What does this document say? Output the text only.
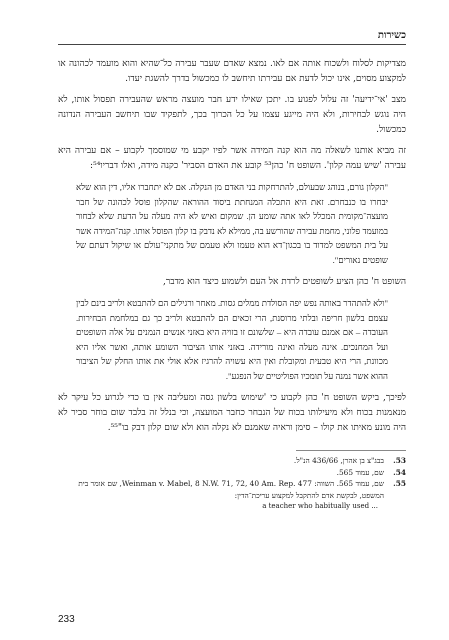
כשירות

מצדיקות לסלוח ולשכוח אותה אם לאו. נמצא שאדם שעבר עבירה כל־שהיא והוא מועמד לכהונה או למקצוע מסוים, אינו יכול לדעת אם עבירתו תיחשב לו כמכשול בדרך להשגת יעדו.

מצב 'אי־ידיעה' זה עלול לפגוע בו. יתכן שאילו ידע חבר מועצה מראש שהעבירה תפסול אותו, לא היה נוגש לבחירות, ולא היה מייגע עצמו על כל הכרוך בכך, לתפקיד שבו תיחשב העבירה הנדונה כמכשול.

זה מביא אותנו לשאלה מה הוא קנה המידה אשר לפיו יקבע מי שמוסמך לקבוע – אם עבירה היא עבירה 'שיש עמה קלון'. השופט ח' כהן⁵³ קובע את האדם הסביר' כקנה מידה, ואלו דבריו⁵⁴:

"הקלון גורם, בנוהג שבעולם, להתרחקות בני האדם מן הנקלה. אם לא יתחברו אליו, דין הוא שלא יבחרו בו כנבחרם. זאת היא התכלה המנחתת ביסוד ההוראה שהקלון פוסל לכהונה של חבר מועצה־מקומית המכלל לאו אתה שומע הן. שמקום ואיש לא היה מעלה על הדעת שלא לבחור במועמד פלוני, מחמת עבירה שהורשע בה, ממילא לא נדבק בו קלון הפוסל אותו. קנה־המידה אשר על בית המשפט למדוד בו בכגון־דא הוא טעמו ולא טעמם של מתקני־עולם או שיקול דעתם של שופטים נאורים".

השופט ח' כהן הציע לשופטים לרדת אל העם ולשמוע כיצד הוא מדבר,

"ולא להתהדר באותה נפש יפה הסולדת ממלים גסות. מאחר ורגילים הם להתבטא ולריב בינם לבין עצמם בלשון חריפה ובלתי מרוסנת, הרי זכאים הם להתבטא ולריב כך גם במלחמת הבחירות. העובדה – אם אמנם עובדה היא – שלשונם זו בזויה היא באזני אנשים הנמנים על אלה השופטים ועל המחנכים. אינה מעלה ואינה מורידה. באזני אותו הציבור השומע אותה, ואשר אליו היא מכוונת, הרי היא טבעית ומקובלת ואין היא עשויה להרגיז אלא אולי את אותו החלק של הציבור ההוא אשר נמנה על תומכיו הפוליטיים של הנפגע".

לפיכך, ביקש השופט ח' כהן לקבוע כי 'שימוש בלשון גסה ומעליבה אין בו כדי לגרוע כל עיקר לא מנאמנות בכוח ולא מיעילותו בכוח של הנבחר כחבר המועצה, וכי בנלל זה בלבד שום בוחר סביר לא היה מונע מאיתו את קולו – סימן וראיה שאמנם לא נקלה הוא ולא שום קלון דבק בו"⁵⁵.

53.
בבג"צ בן אהרן, 436/66 הנ"ל.
54.
שם, עמוד 565.
55.
שם, עמוד 565. השווה: Weinman v. Mabel, 8 N.W. 71, 72, 40 Am. Rep. 477, שם אומר בית המשפט, לבקשת אדם להתקבל למקצוע עריכת־הדין:
a teacher who habitually used ...
233
